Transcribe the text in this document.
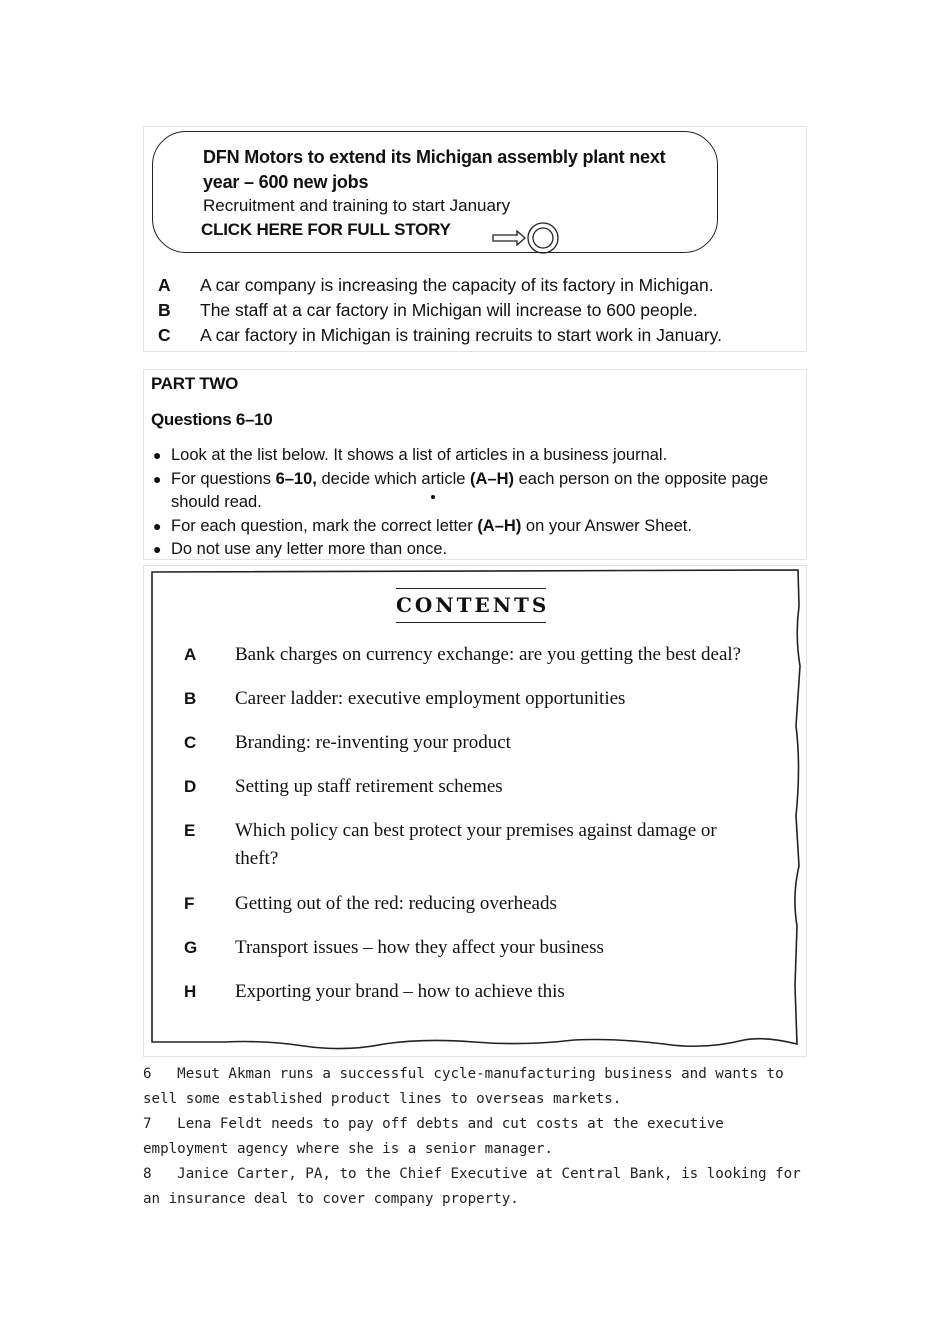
DFN Motors to extend its Michigan assembly plant next year – 600 new jobs
Recruitment and training to start January
CLICK HERE FOR FULL STORY
A A car company is increasing the capacity of its factory in Michigan.
B The staff at a car factory in Michigan will increase to 600 people.
C A car factory in Michigan is training recruits to start work in January.
PART TWO
Questions 6–10
● Look at the list below. It shows a list of articles in a business journal.
● For questions 6–10, decide which article (A–H) each person on the opposite page should read.
● For each question, mark the correct letter (A–H) on your Answer Sheet.
● Do not use any letter more than once.
CONTENTS
A Bank charges on currency exchange: are you getting the best deal?
B Career ladder: executive employment opportunities
C Branding: re-inventing your product
D Setting up staff retirement schemes
E Which policy can best protect your premises against damage or theft?
F Getting out of the red: reducing overheads
G Transport issues – how they affect your business
H Exporting your brand – how to achieve this
6 Mesut Akman runs a successful cycle-manufacturing business and wants to sell some established product lines to overseas markets.
7 Lena Feldt needs to pay off debts and cut costs at the executive employment agency where she is a senior manager.
8 Janice Carter, PA, to the Chief Executive at Central Bank, is looking for an insurance deal to cover company property.
